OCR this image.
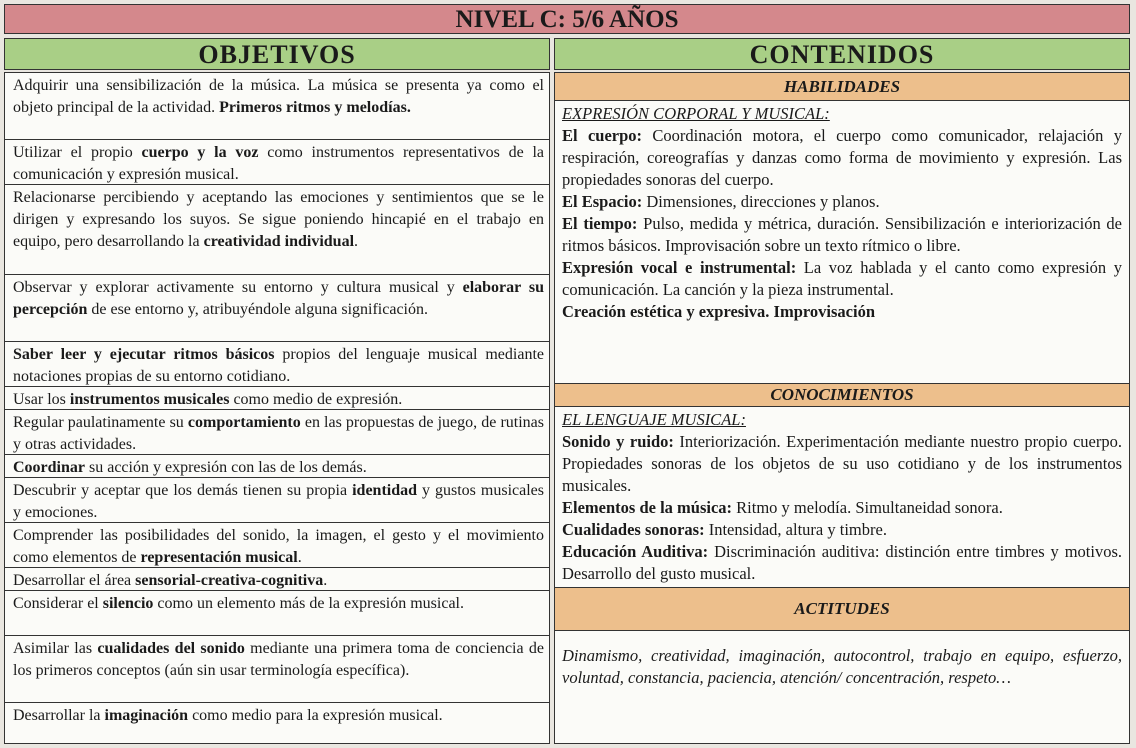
NIVEL C: 5/6 AÑOS
OBJETIVOS	CONTENIDOS
Adquirir una sensibilización de la música. La música se presenta ya como el objeto principal de la actividad. Primeros ritmos y melodías.
Utilizar el propio cuerpo y la voz como instrumentos representativos de la comunicación y expresión musical.
Relacionarse percibiendo y aceptando las emociones y sentimientos que se le dirigen y expresando los suyos. Se sigue poniendo hincapié en el trabajo en equipo, pero desarrollando la creatividad individual.
Observar y explorar activamente su entorno y cultura musical y elaborar su percepción de ese entorno y, atribuyéndole alguna significación.
Saber leer y ejecutar ritmos básicos propios del lenguaje musical mediante notaciones propias de su entorno cotidiano.
Usar los instrumentos musicales como medio de expresión.
Regular paulatinamente su comportamiento en las propuestas de juego, de rutinas y otras actividades.
Coordinar su acción y expresión con las de los demás.
Descubrir y aceptar que los demás tienen su propia identidad y gustos musicales y emociones.
Comprender las posibilidades del sonido, la imagen, el gesto y el movimiento como elementos de representación musical.
Desarrollar el área sensorial-creativa-cognitiva.
Considerar el silencio como un elemento más de la expresión musical.
Asimilar las cualidades del sonido mediante una primera toma de conciencia de los primeros conceptos (aún sin usar terminología específica).
Desarrollar la imaginación como medio para la expresión musical.
HABILIDADES
EXPRESIÓN CORPORAL Y MUSICAL:
El cuerpo: Coordinación motora, el cuerpo como comunicador, relajación y respiración, coreografías y danzas como forma de movimiento y expresión. Las propiedades sonoras del cuerpo.
El Espacio: Dimensiones, direcciones y planos.
El tiempo: Pulso, medida y métrica, duración. Sensibilización e interiorización de ritmos básicos. Improvisación sobre un texto rítmico o libre.
Expresión vocal e instrumental: La voz hablada y el canto como expresión y comunicación. La canción y la pieza instrumental.
Creación estética y expresiva. Improvisación
CONOCIMIENTOS
EL LENGUAJE MUSICAL:
Sonido y ruido: Interiorización. Experimentación mediante nuestro propio cuerpo. Propiedades sonoras de los objetos de su uso cotidiano y de los instrumentos musicales.
Elementos de la música: Ritmo y melodía. Simultaneidad sonora.
Cualidades sonoras: Intensidad, altura y timbre.
Educación Auditiva: Discriminación auditiva: distinción entre timbres y motivos. Desarrollo del gusto musical.
ACTITUDES
Dinamismo, creatividad, imaginación, autocontrol, trabajo en equipo, esfuerzo, voluntad, constancia, paciencia, atención/ concentración, respeto…
